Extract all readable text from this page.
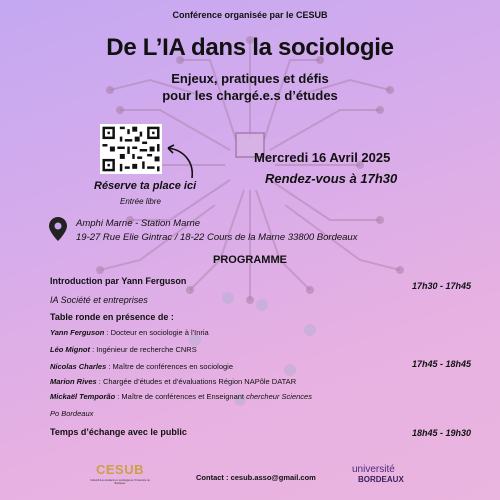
Conférence organisée par le CESUB
De L’IA dans la sociologie
Enjeux, pratiques et défis
pour les chargé.e.s d’études
Réserve ta place ici
Entrée libre
Mercredi 16 Avril 2025
Rendez-vous à 17h30
Amphi Marne - Station Marne
19-27 Rue Elie Gintrac / 18-22 Cours de la Marne 33800 Bordeaux
PROGRAMME
Introduction par Yann Ferguson
IA Société et entreprises
Table ronde en présence de :
Yann Ferguson : Docteur en sociologie à l'Inria
Léo Mignot : Ingénieur de recherche CNRS
Nicolas Charles : Maître de conférences en sociologie
Marion Rives : Chargée d’études et d’évaluations Région NAPôle DATAR
Mickaël Temporão : Maître de conférences et Enseignant chercheur Sciences
Po Bordeaux
Temps d’échange avec le public
17h30 - 17h45
17h45 - 18h45
18h45 - 19h30
CESUB
Collectif des étudiants en sociologie de l'Université de Bordeaux
Contact : cesub.asso@gmail.com
université
BORDEAUX
